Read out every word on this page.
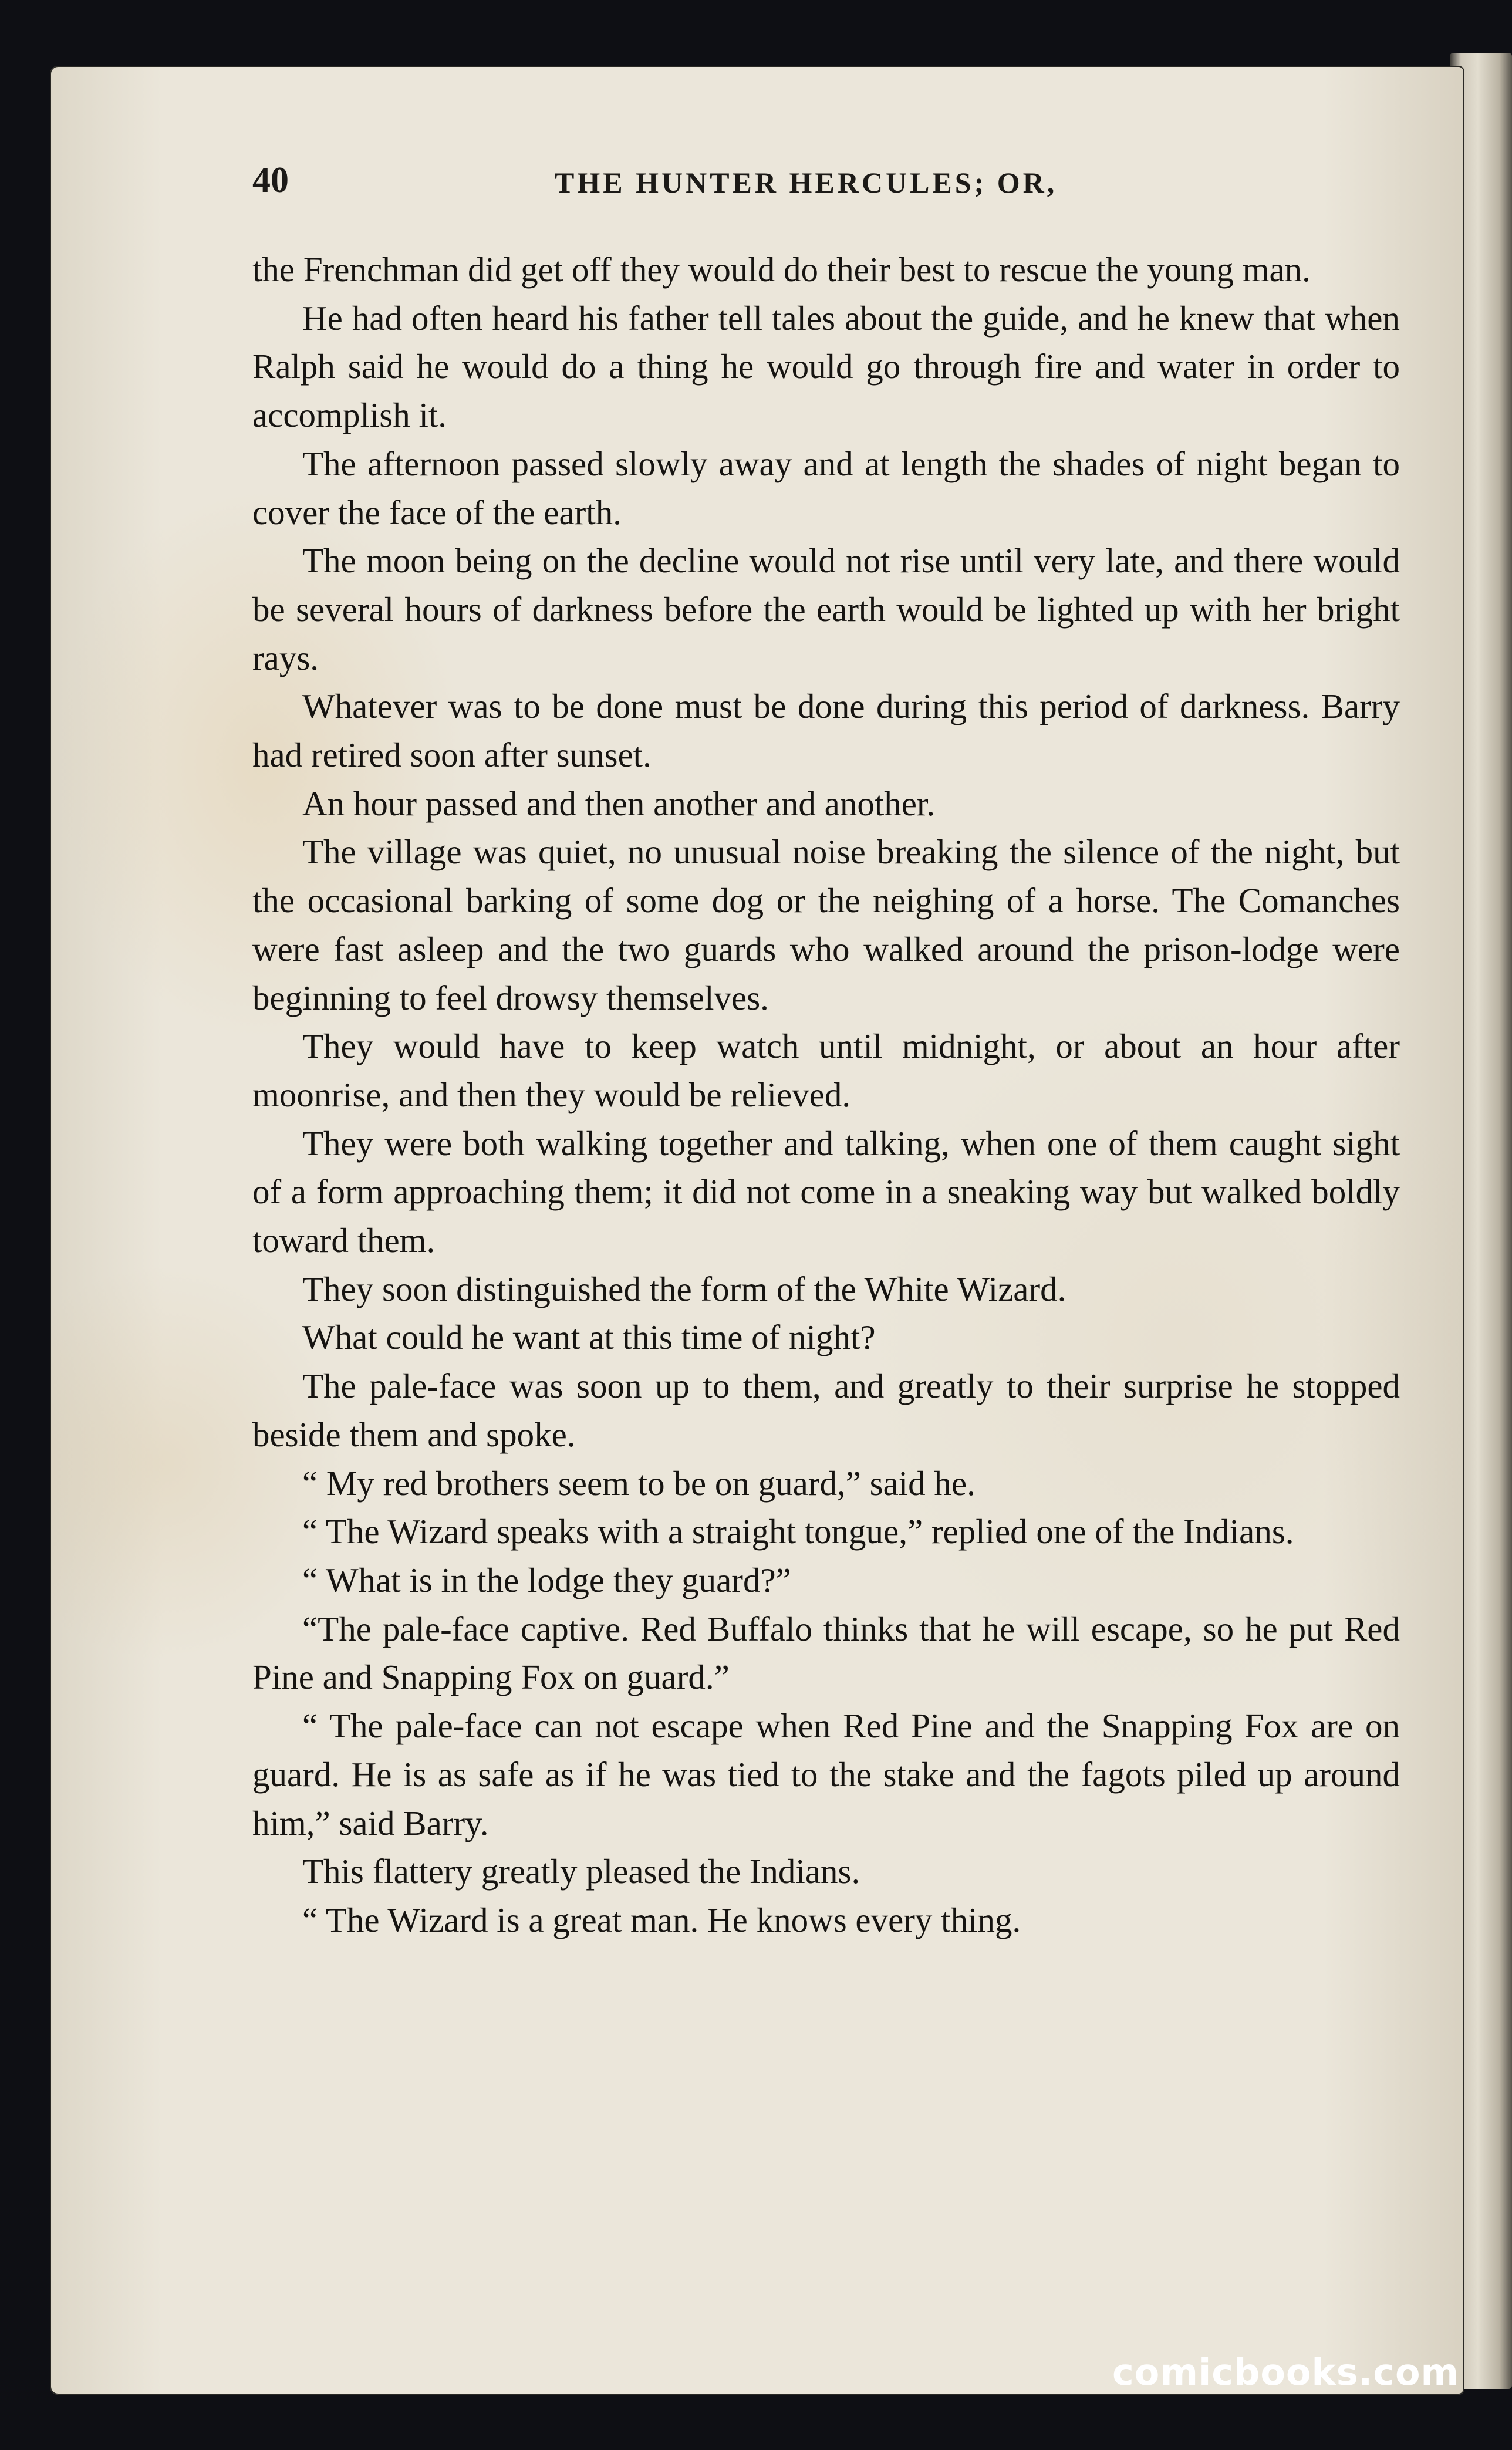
40	THE HUNTER HERCULES; OR,

the Frenchman did get off they would do their best to rescue the young man.

He had often heard his father tell tales about the guide, and he knew that when Ralph said he would do a thing he would go through fire and water in order to accomplish it.

The afternoon passed slowly away and at length the shades of night began to cover the face of the earth.

The moon being on the decline would not rise until very late, and there would be several hours of darkness before the earth would be lighted up with her bright rays.

Whatever was to be done must be done during this period of darkness. Barry had retired soon after sunset.

An hour passed and then another and another.

The village was quiet, no unusual noise breaking the silence of the night, but the occasional barking of some dog or the neighing of a horse. The Comanches were fast asleep and the two guards who walked around the prison-lodge were beginning to feel drowsy themselves.

They would have to keep watch until midnight, or about an hour after moonrise, and then they would be relieved.

They were both walking together and talking, when one of them caught sight of a form approaching them; it did not come in a sneaking way but walked boldly toward them.

They soon distinguished the form of the White Wizard.

What could he want at this time of night?

The pale-face was soon up to them, and greatly to their surprise he stopped beside them and spoke.

“ My red brothers seem to be on guard,” said he.

“ The Wizard speaks with a straight tongue,” replied one of the Indians.

“ What is in the lodge they guard?”

“The pale-face captive. Red Buffalo thinks that he will escape, so he put Red Pine and Snapping Fox on guard.”

“ The pale-face can not escape when Red Pine and the Snapping Fox are on guard. He is as safe as if he was tied to the stake and the fagots piled up around him,” said Barry.

This flattery greatly pleased the Indians.

“ The Wizard is a great man. He knows every thing.

comicbooks.com
